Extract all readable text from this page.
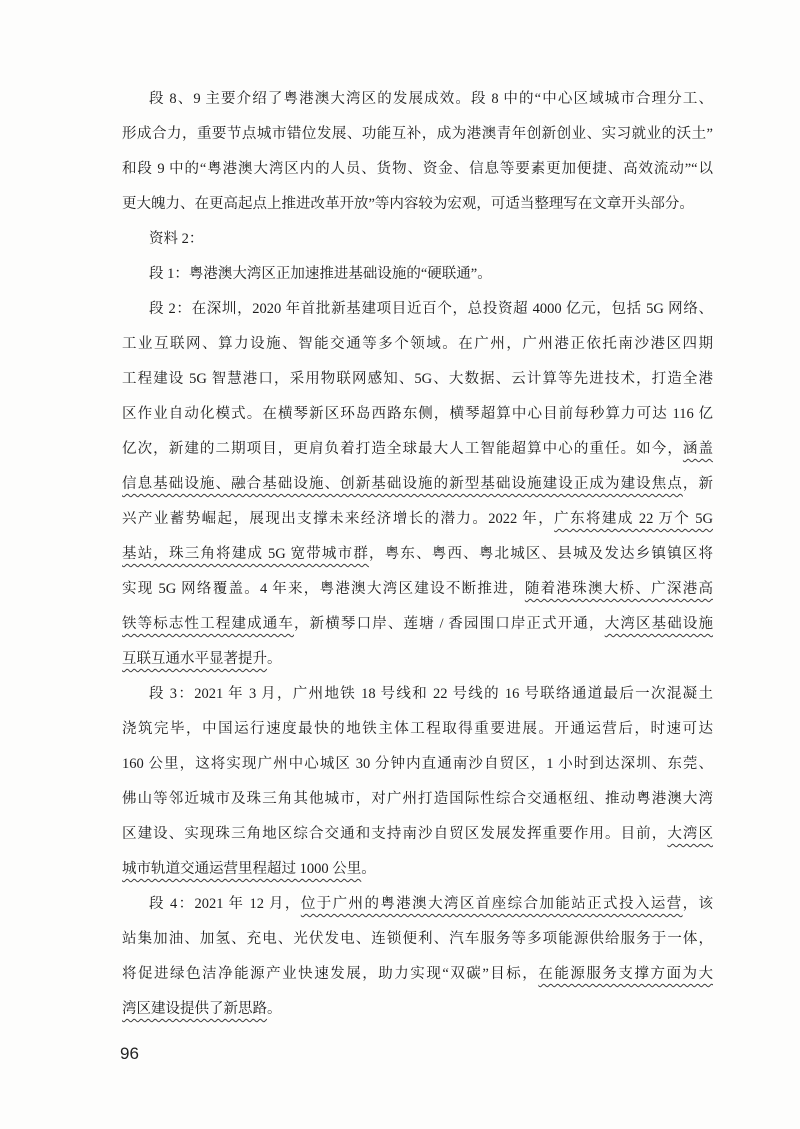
段 8、9 主要介绍了粤港澳大湾区的发展成效。段 8 中的“中心区域城市合理分工、
形成合力，重要节点城市错位发展、功能互补，成为港澳青年创新创业、实习就业的沃土”
和段 9 中的“粤港澳大湾区内的人员、货物、资金、信息等要素更加便捷、高效流动”“以
更大魄力、在更高起点上推进改革开放”等内容较为宏观，可适当整理写在文章开头部分。
资料 2：
段 1：粤港澳大湾区正加速推进基础设施的“硬联通”。
段 2：在深圳，2020 年首批新基建项目近百个，总投资超 4000 亿元，包括 5G 网络、
工业互联网、算力设施、智能交通等多个领域。在广州，广州港正依托南沙港区四期
工程建设 5G 智慧港口，采用物联网感知、5G、大数据、云计算等先进技术，打造全港
区作业自动化模式。在横琴新区环岛西路东侧，横琴超算中心目前每秒算力可达 116 亿
亿次，新建的二期项目，更肩负着打造全球最大人工智能超算中心的重任。如今，涵盖
信息基础设施、融合基础设施、创新基础设施的新型基础设施建设正成为建设焦点，新
兴产业蓄势崛起，展现出支撑未来经济增长的潜力。2022 年，广东将建成 22 万个 5G
基站，珠三角将建成 5G 宽带城市群，粤东、粤西、粤北城区、县城及发达乡镇镇区将
实现 5G 网络覆盖。4 年来，粤港澳大湾区建设不断推进，随着港珠澳大桥、广深港高
铁等标志性工程建成通车，新横琴口岸、莲塘 / 香园围口岸正式开通，大湾区基础设施
互联互通水平显著提升。
段 3：2021 年 3 月，广州地铁 18 号线和 22 号线的 16 号联络通道最后一次混凝土
浇筑完毕，中国运行速度最快的地铁主体工程取得重要进展。开通运营后，时速可达
160 公里，这将实现广州中心城区 30 分钟内直通南沙自贸区，1 小时到达深圳、东莞、
佛山等邻近城市及珠三角其他城市，对广州打造国际性综合交通枢纽、推动粤港澳大湾
区建设、实现珠三角地区综合交通和支持南沙自贸区发展发挥重要作用。目前，大湾区
城市轨道交通运营里程超过 1000 公里。
段 4：2021 年 12 月，位于广州的粤港澳大湾区首座综合加能站正式投入运营，该
站集加油、加氢、充电、光伏发电、连锁便利、汽车服务等多项能源供给服务于一体，
将促进绿色洁净能源产业快速发展，助力实现“双碳”目标，在能源服务支撑方面为大
湾区建设提供了新思路。
96
